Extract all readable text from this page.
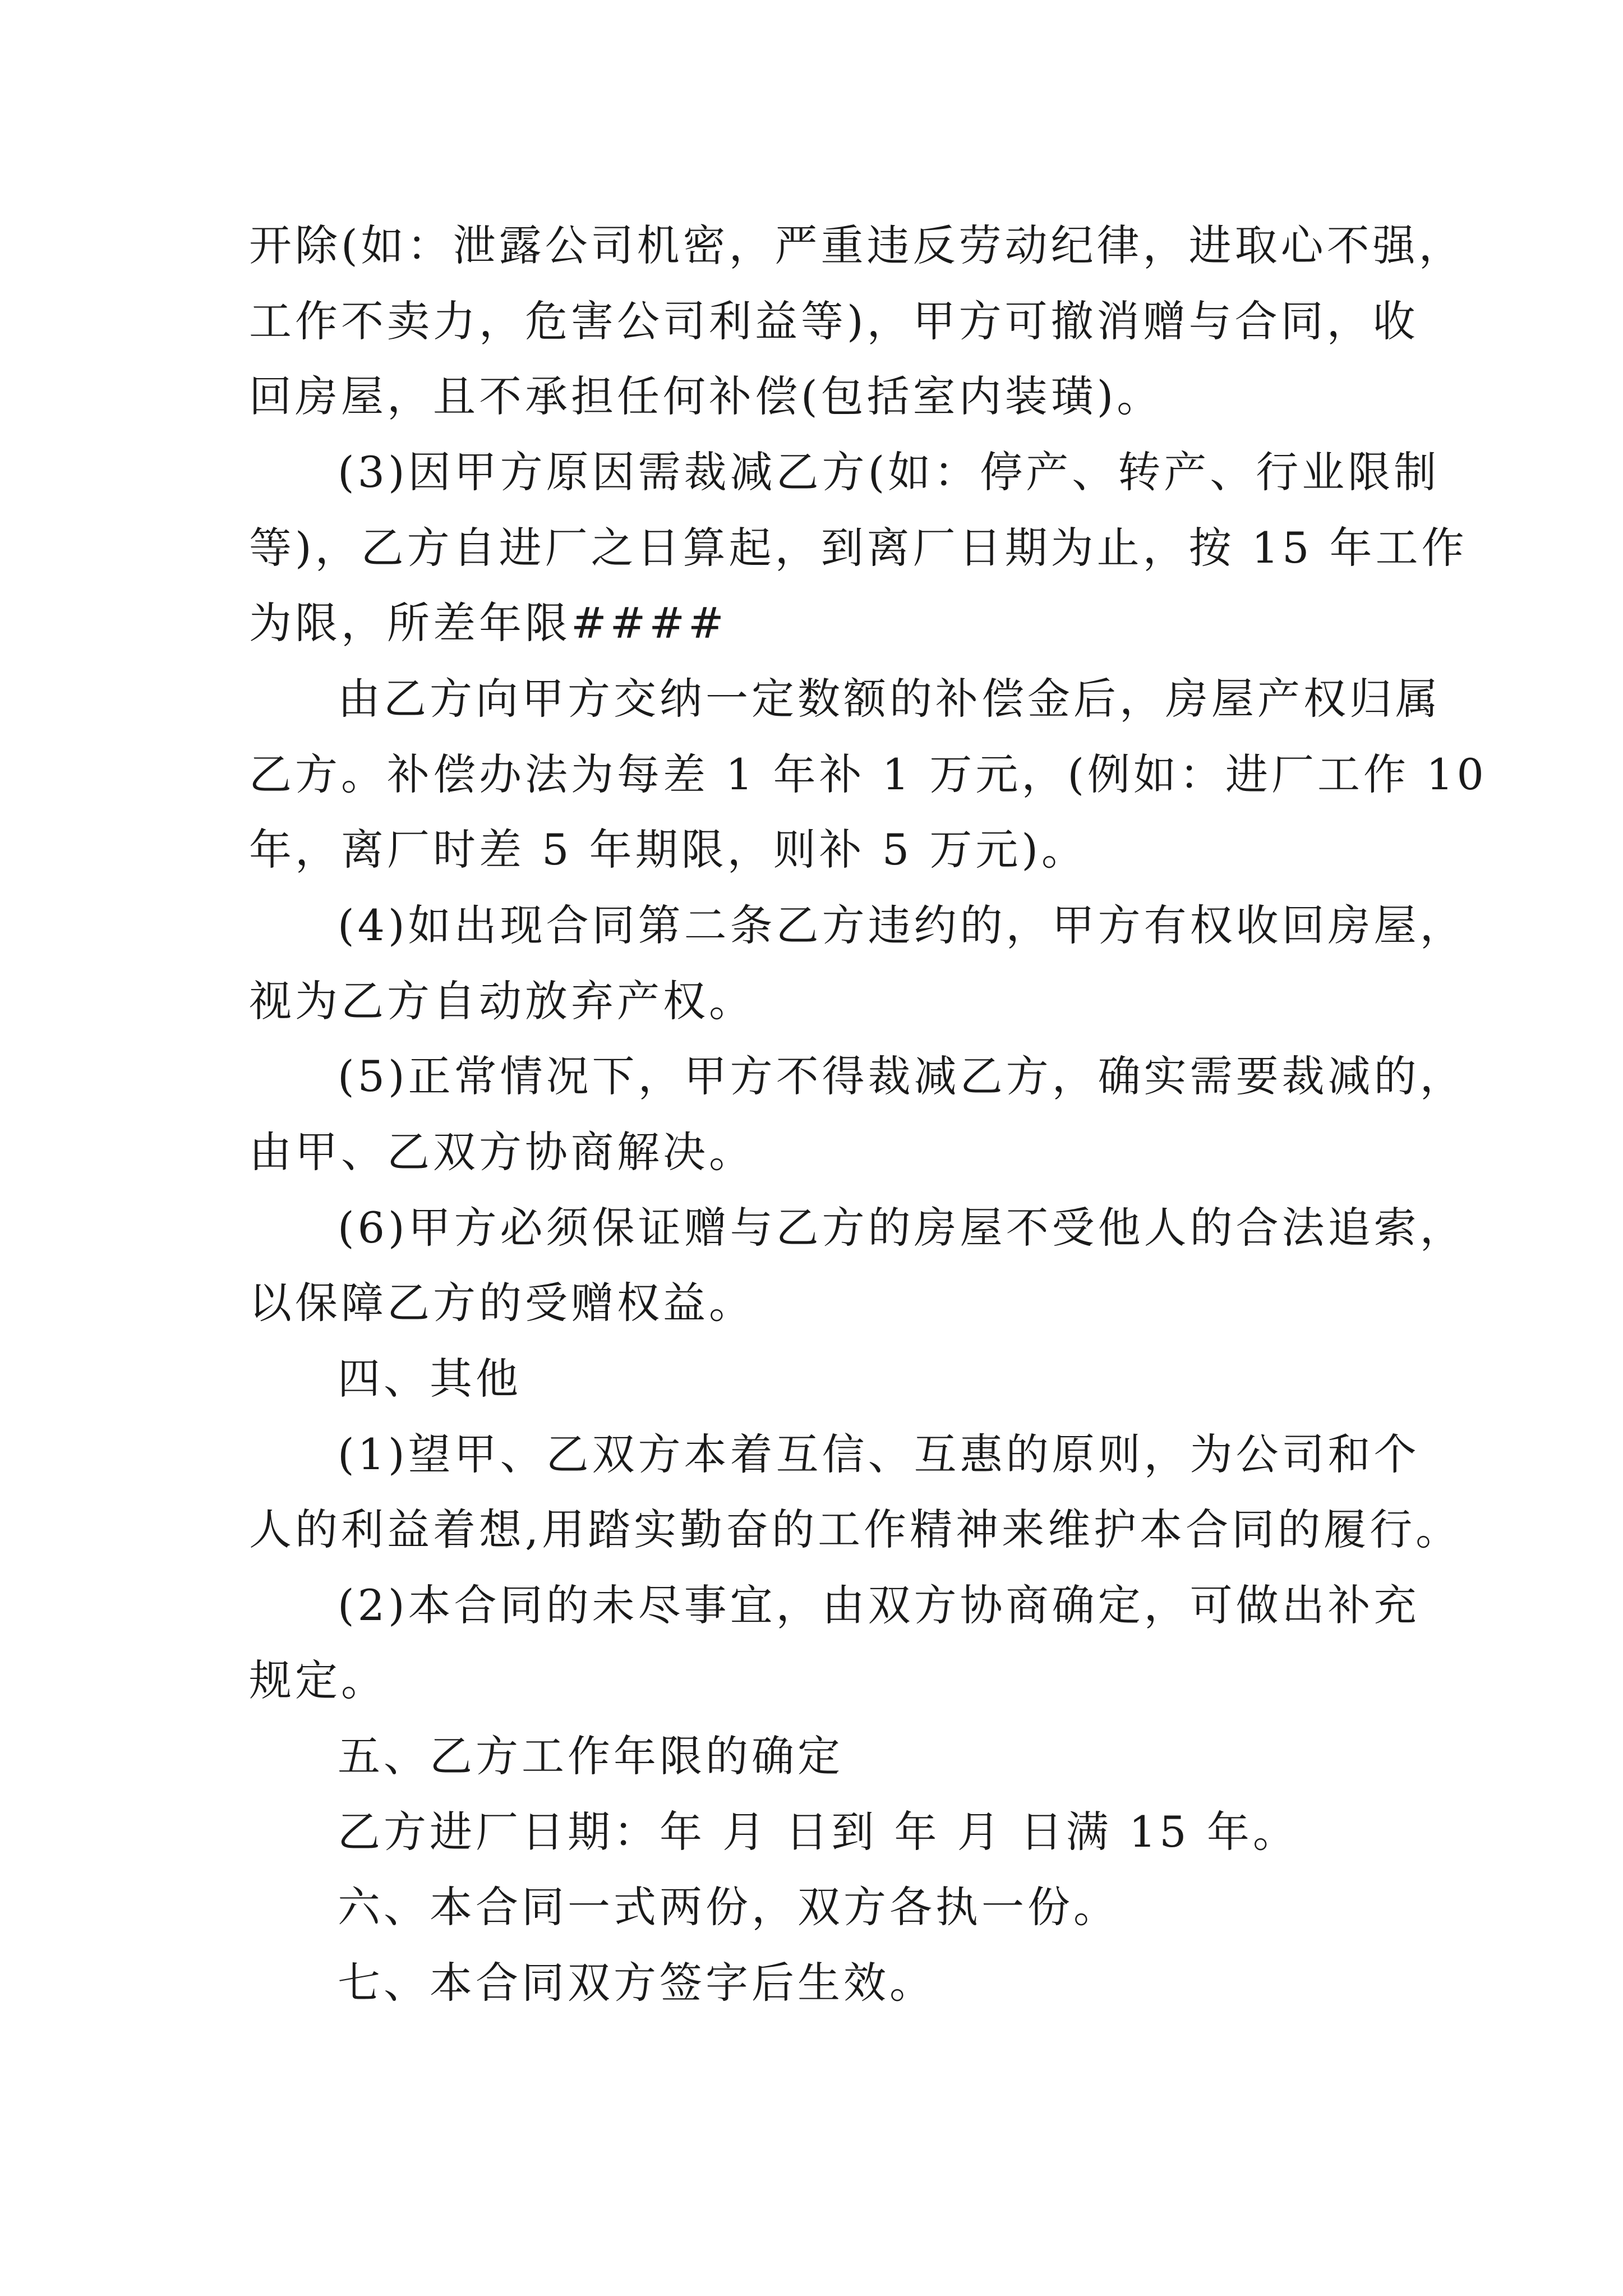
开除(如：泄露公司机密，严重违反劳动纪律，进取心不强，
工作不卖力，危害公司利益等)，甲方可撤消赠与合同，收
回房屋，且不承担任何补偿(包括室内装璜)。
(3)因甲方原因需裁减乙方(如：停产、转产、行业限制
等)，乙方自进厂之日算起，到离厂日期为止，按 15 年工作
为限，所差年限####
由乙方向甲方交纳一定数额的补偿金后，房屋产权归属
乙方。补偿办法为每差 1 年补 1 万元，(例如：进厂工作 10
年，离厂时差 5 年期限，则补 5 万元)。
(4)如出现合同第二条乙方违约的，甲方有权收回房屋，
视为乙方自动放弃产权。
(5)正常情况下，甲方不得裁减乙方，确实需要裁减的，
由甲、乙双方协商解决。
(6)甲方必须保证赠与乙方的房屋不受他人的合法追索，
以保障乙方的受赠权益。
四、其他
(1)望甲、乙双方本着互信、互惠的原则，为公司和个
人的利益着想,用踏实勤奋的工作精神来维护本合同的履行。
(2)本合同的未尽事宜，由双方协商确定，可做出补充
规定。
五、乙方工作年限的确定
乙方进厂日期：年 月 日到 年 月 日满 15 年。
六、本合同一式两份，双方各执一份。
七、本合同双方签字后生效。
